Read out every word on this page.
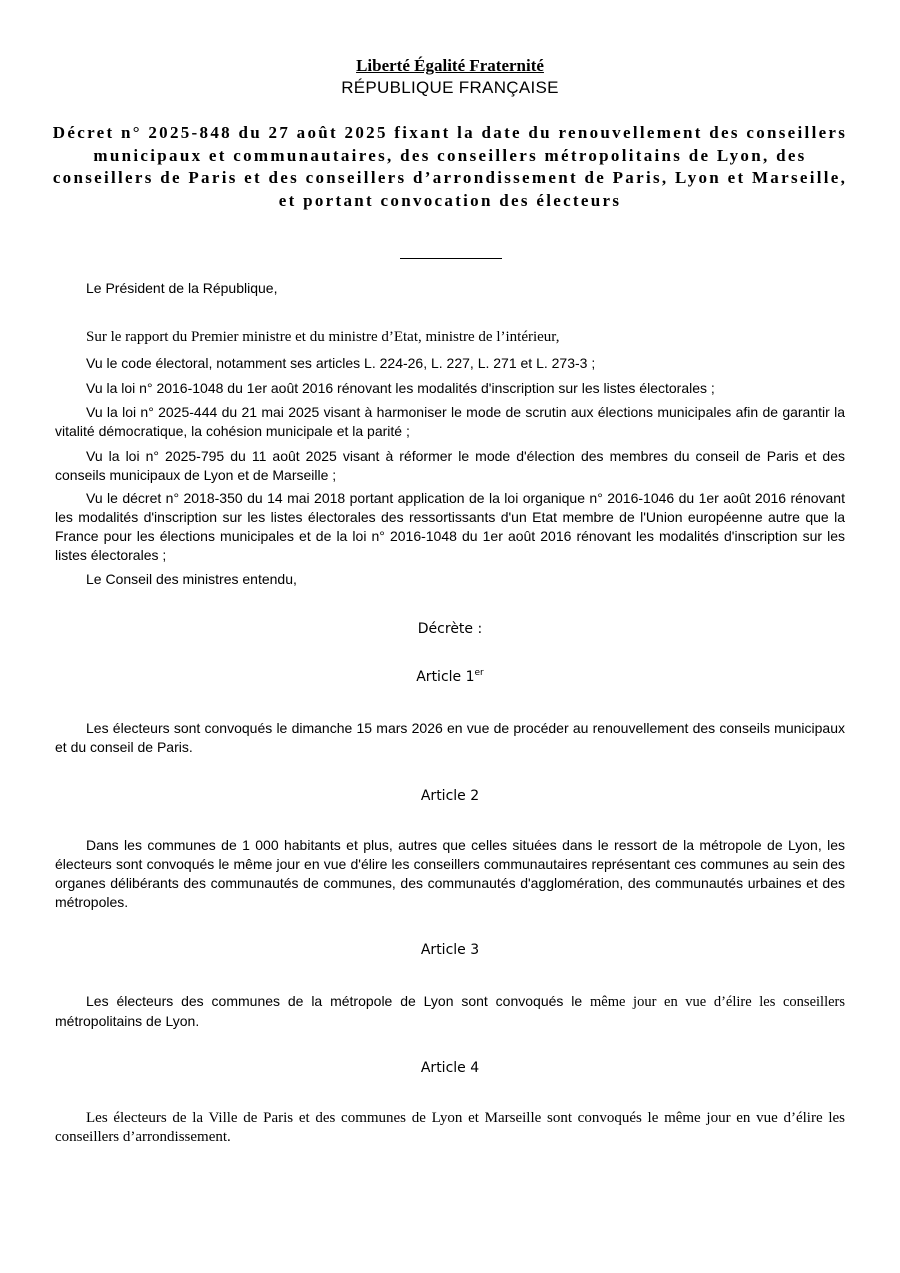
Liberté Égalité Fraternité
RÉPUBLIQUE FRANÇAISE
Décret n° 2025-848 du 27 août 2025 fixant la date du renouvellement des conseillers municipaux et communautaires, des conseillers métropolitains de Lyon, des conseillers de Paris et des conseillers d’arrondissement de Paris, Lyon et Marseille, et portant convocation des électeurs

Le Président de la République,

Sur le rapport du Premier ministre et du ministre d’Etat, ministre de l’intérieur,

Vu le code électoral, notamment ses articles L. 224-26, L. 227, L. 271 et L. 273-3 ;

Vu la loi n° 2016-1048 du 1er août 2016 rénovant les modalités d'inscription sur les listes électorales ;

Vu la loi n° 2025-444 du 21 mai 2025 visant à harmoniser le mode de scrutin aux élections municipales afin de garantir la vitalité démocratique, la cohésion municipale et la parité ;

Vu la loi n° 2025-795 du 11 août 2025 visant à réformer le mode d'élection des membres du conseil de Paris et des conseils municipaux de Lyon et de Marseille ;

Vu le décret n° 2018-350 du 14 mai 2018 portant application de la loi organique n° 2016-1046 du 1er août 2016 rénovant les modalités d'inscription sur les listes électorales des ressortissants d'un Etat membre de l'Union européenne autre que la France pour les élections municipales et de la loi n° 2016-1048 du 1er août 2016 rénovant les modalités d'inscription sur les listes électorales ;

Le Conseil des ministres entendu,

Décrète :
Article 1er

Les électeurs sont convoqués le dimanche 15 mars 2026 en vue de procéder au renouvellement des conseils municipaux et du conseil de Paris.

Article 2

Dans les communes de 1 000 habitants et plus, autres que celles situées dans le ressort de la métropole de Lyon, les électeurs sont convoqués le même jour en vue d'élire les conseillers communautaires représentant ces communes au sein des organes délibérants des communautés de communes, des communautés d'agglomération, des communautés urbaines et des métropoles.

Article 3

Les électeurs des communes de la métropole de Lyon sont convoqués le même jour en vue d’élire les conseillers métropolitains de Lyon.

Article 4

Les électeurs de la Ville de Paris et des communes de Lyon et Marseille sont convoqués le même jour en vue d’élire les conseillers d’arrondissement.
